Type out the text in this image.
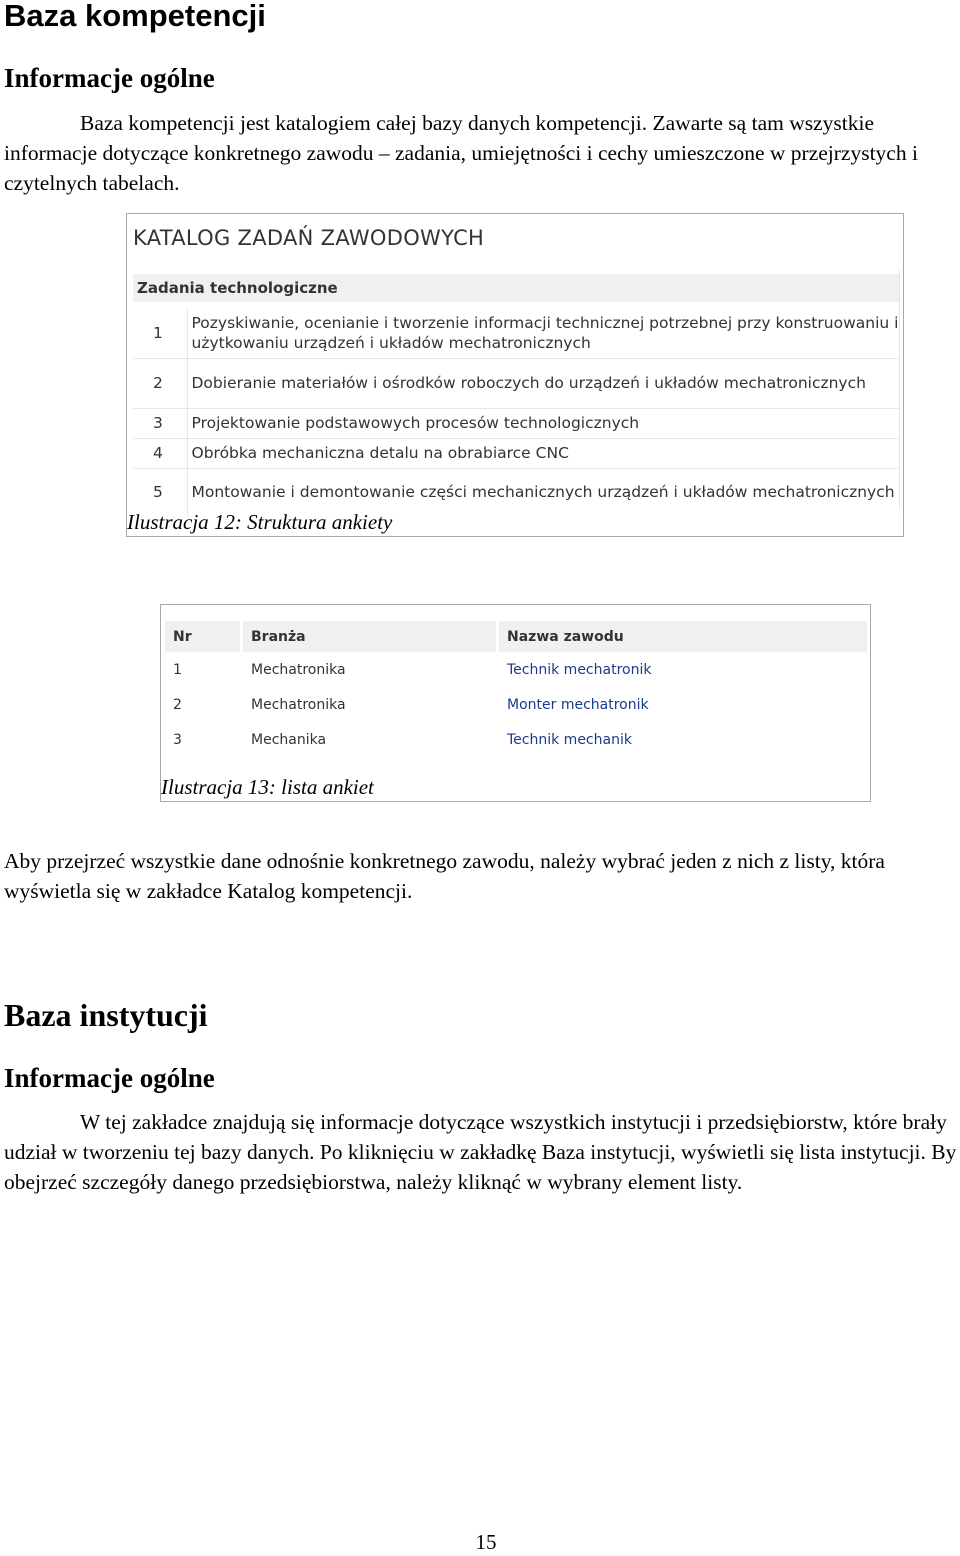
Baza kompetencji
Informacje ogólne

Baza kompetencji jest katalogiem całej bazy danych kompetencji. Zawarte są tam wszystkie informacje dotyczące konkretnego zawodu – zadania, umiejętności i cechy umieszczone w przejrzystych i czytelnych tabelach.

KATALOG ZADAŃ ZAWODOWYCH
Zadania technologiczne
1	Pozyskiwanie, ocenianie i tworzenie informacji technicznej potrzebnej przy konstruowaniu i użytkowaniu urządzeń i układów mechatronicznych
2	Dobieranie materiałów i ośrodków roboczych do urządzeń i układów mechatronicznych
3	Projektowanie podstawowych procesów technologicznych
4	Obróbka mechaniczna detalu na obrabiarce CNC
5	Montowanie i demontowanie części mechanicznych urządzeń i układów mechatronicznych

Ilustracja 12: Struktura ankiety

Nr	Branża	Nazwa zawodu
1	Mechatronika	Technik mechatronik
2	Mechatronika	Monter mechatronik
3	Mechanika	Technik mechanik

Ilustracja 13: lista ankiet

Aby przejrzeć wszystkie dane odnośnie konkretnego zawodu, należy wybrać jeden z nich z listy, która wyświetla się w zakładce Katalog kompetencji.

Baza instytucji
Informacje ogólne

W tej zakładce znajdują się informacje dotyczące wszystkich instytucji i przedsiębiorstw, które brały udział w tworzeniu tej bazy danych. Po kliknięciu w zakładkę Baza instytucji, wyświetli się lista instytucji. By obejrzeć szczegóły danego przedsiębiorstwa, należy kliknąć w wybrany element listy.

15
